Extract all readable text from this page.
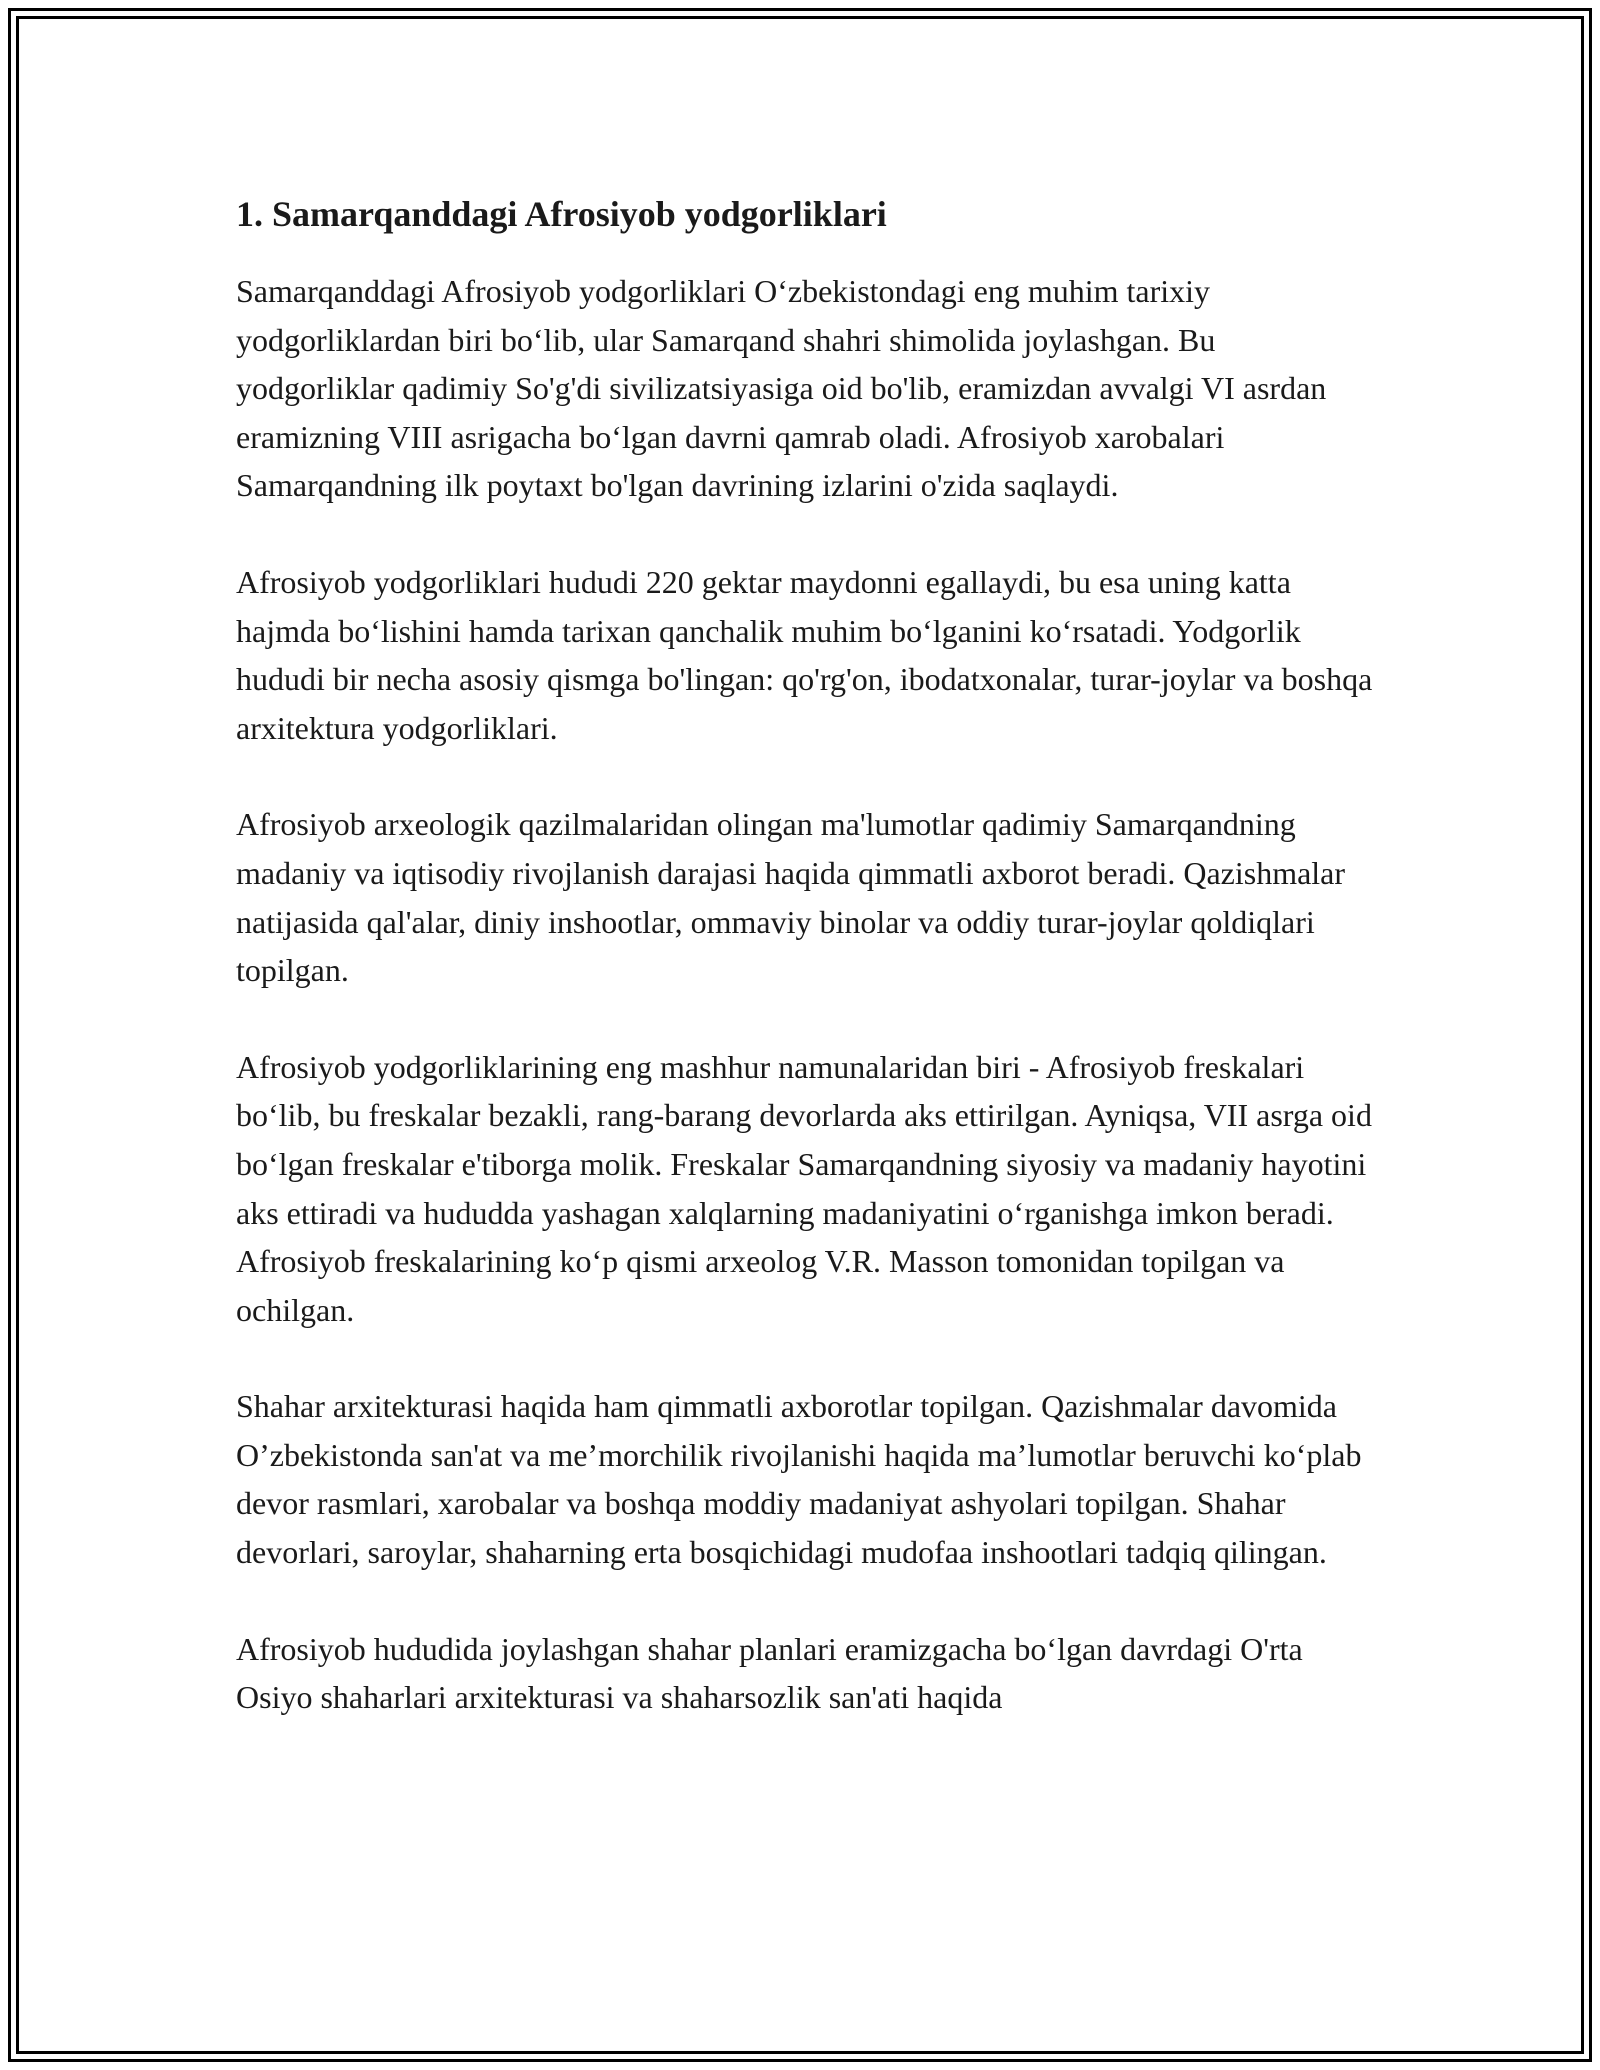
1. Samarqanddagi Afrosiyob yodgorliklari

Samarqanddagi Afrosiyob yodgorliklari O‘zbekistondagi eng muhim tarixiy yodgorliklardan biri bo‘lib, ular Samarqand shahri shimolida joylashgan. Bu yodgorliklar qadimiy So'g'di sivilizatsiyasiga oid bo'lib, eramizdan avvalgi VI asrdan eramizning VIII asrigacha bo‘lgan davrni qamrab oladi. Afrosiyob xarobalari Samarqandning ilk poytaxt bo'lgan davrining izlarini o'zida saqlaydi.

Afrosiyob yodgorliklari hududi 220 gektar maydonni egallaydi, bu esa uning katta hajmda bo‘lishini hamda tarixan qanchalik muhim bo‘lganini ko‘rsatadi. Yodgorlik hududi bir necha asosiy qismga bo'lingan: qo'rg'on, ibodatxonalar, turar-joylar va boshqa arxitektura yodgorliklari.

Afrosiyob arxeologik qazilmalaridan olingan ma'lumotlar qadimiy Samarqandning madaniy va iqtisodiy rivojlanish darajasi haqida qimmatli axborot beradi. Qazishmalar natijasida qal'alar, diniy inshootlar, ommaviy binolar va oddiy turar-joylar qoldiqlari topilgan.

Afrosiyob yodgorliklarining eng mashhur namunalaridan biri - Afrosiyob freskalari bo‘lib, bu freskalar bezakli, rang-barang devorlarda aks ettirilgan. Ayniqsa, VII asrga oid bo‘lgan freskalar e'tiborga molik. Freskalar Samarqandning siyosiy va madaniy hayotini aks ettiradi va hududda yashagan xalqlarning madaniyatini o‘rganishga imkon beradi. Afrosiyob freskalarining ko‘p qismi arxeolog V.R. Masson tomonidan topilgan va ochilgan.

Shahar arxitekturasi haqida ham qimmatli axborotlar topilgan. Qazishmalar davomida O’zbekistonda san'at va me’morchilik rivojlanishi haqida ma’lumotlar beruvchi ko‘plab devor rasmlari, xarobalar va boshqa moddiy madaniyat ashyolari topilgan. Shahar devorlari, saroylar, shaharning erta bosqichidagi mudofaa inshootlari tadqiq qilingan.

Afrosiyob hududida joylashgan shahar planlari eramizgacha bo‘lgan davrdagi O'rta Osiyo shaharlari arxitekturasi va shaharsozlik san'ati haqida
